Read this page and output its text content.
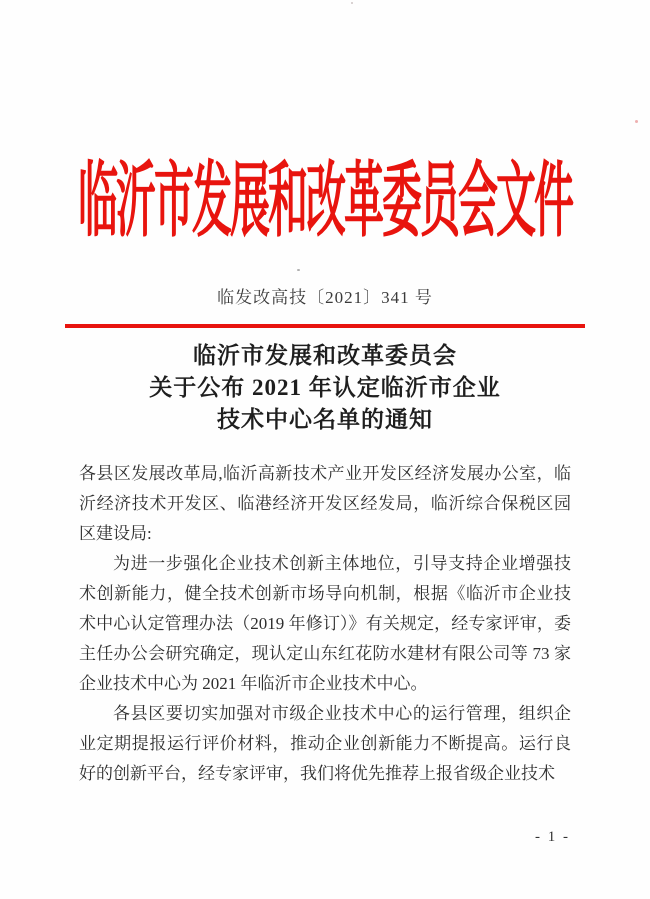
临沂市发展和改革委员会文件
临发改高技〔2021〕341 号
临沂市发展和改革委员会
关于公布 2021 年认定临沂市企业
技术中心名单的通知

各县区发展改革局,临沂高新技术产业开发区经济发展办公室，临沂经济技术开发区、临港经济开发区经发局，临沂综合保税区园区建设局:

为进一步强化企业技术创新主体地位，引导支持企业增强技术创新能力，健全技术创新市场导向机制，根据《临沂市企业技术中心认定管理办法（2019 年修订）》有关规定，经专家评审，委主任办公会研究确定，现认定山东红花防水建材有限公司等 73 家企业技术中心为 2021 年临沂市企业技术中心。

各县区要切实加强对市级企业技术中心的运行管理，组织企业定期提报运行评价材料，推动企业创新能力不断提高。运行良好的创新平台，经专家评审，我们将优先推荐上报省级企业技术

- 1 -
